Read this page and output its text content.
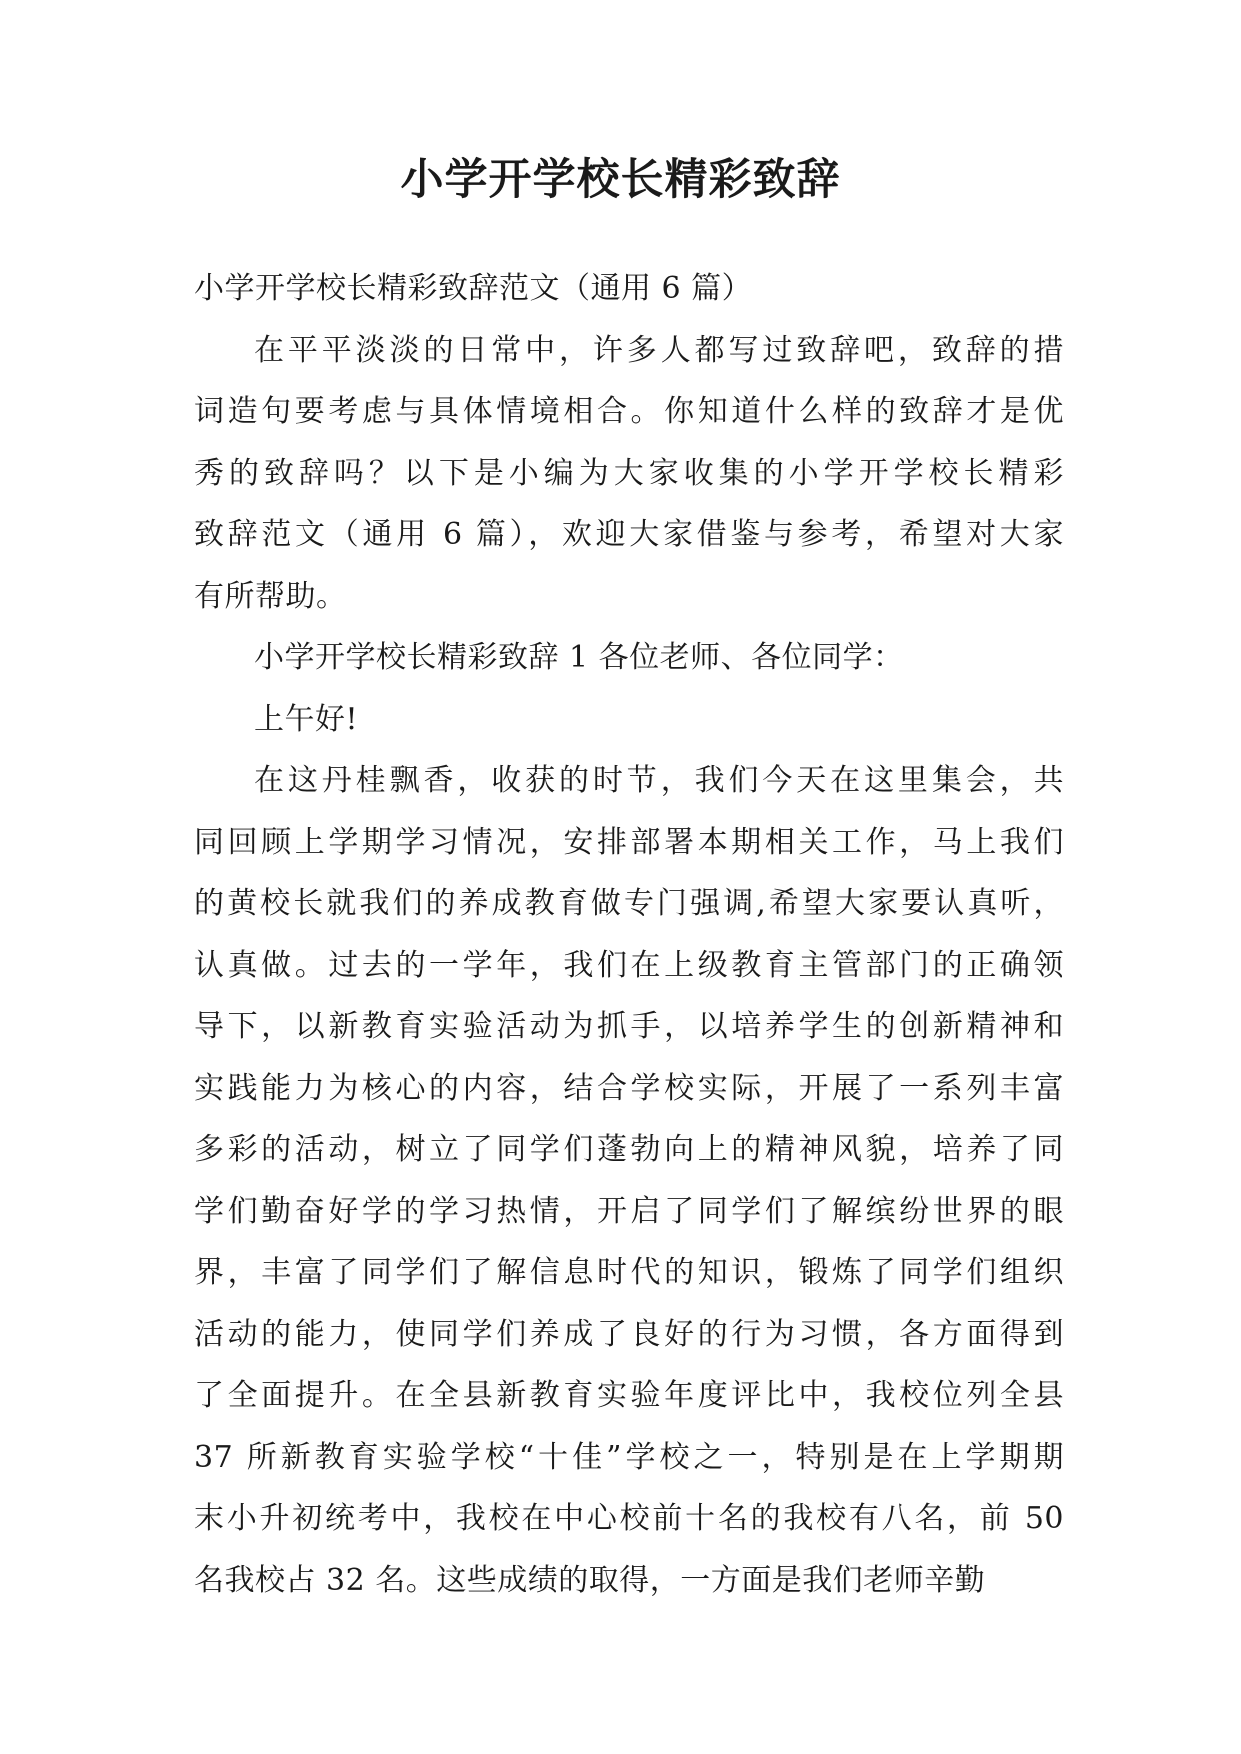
小学开学校长精彩致辞

小学开学校长精彩致辞范文（通用 6 篇）

在平平淡淡的日常中，许多人都写过致辞吧，致辞的措
词造句要考虑与具体情境相合。你知道什么样的致辞才是优
秀的致辞吗？以下是小编为大家收集的小学开学校长精彩
致辞范文（通用 6 篇），欢迎大家借鉴与参考，希望对大家
有所帮助。

小学开学校长精彩致辞 1 各位老师、各位同学：

上午好!

在这丹桂飘香，收获的时节，我们今天在这里集会，共
同回顾上学期学习情况，安排部署本期相关工作，马上我们
的黄校长就我们的养成教育做专门强调,希望大家要认真听，
认真做。过去的一学年，我们在上级教育主管部门的正确领
导下，以新教育实验活动为抓手，以培养学生的创新精神和
实践能力为核心的内容，结合学校实际，开展了一系列丰富
多彩的活动，树立了同学们蓬勃向上的精神风貌，培养了同
学们勤奋好学的学习热情，开启了同学们了解缤纷世界的眼
界，丰富了同学们了解信息时代的知识，锻炼了同学们组织
活动的能力，使同学们养成了良好的行为习惯，各方面得到
了全面提升。在全县新教育实验年度评比中，我校位列全县
37 所新教育实验学校“十佳”学校之一，特别是在上学期期
末小升初统考中，我校在中心校前十名的我校有八名，前 50
名我校占 32 名。这些成绩的取得，一方面是我们老师辛勤
